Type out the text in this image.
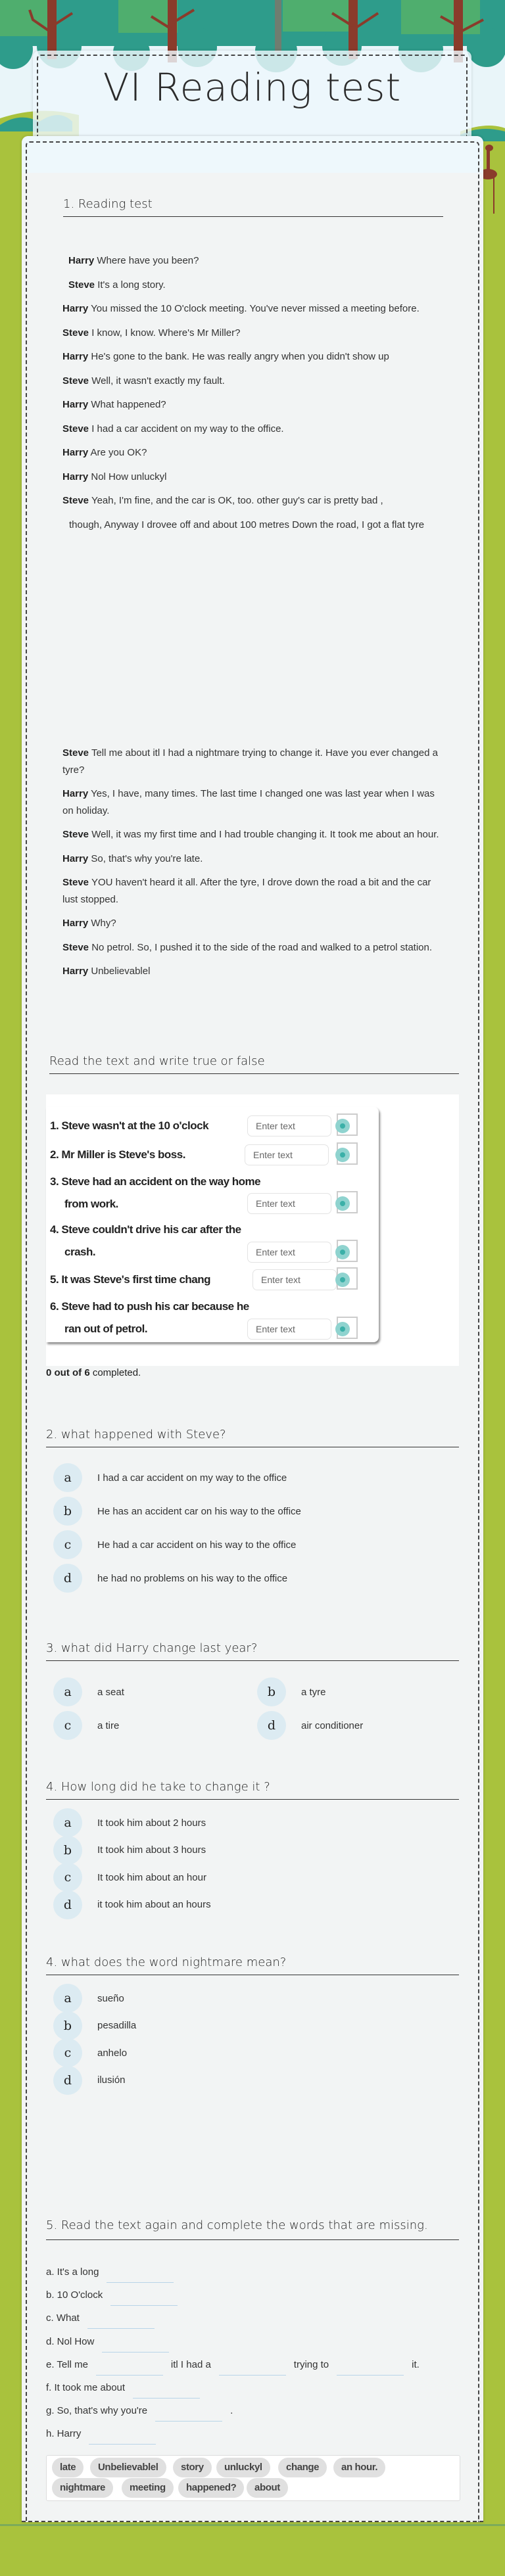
VI Reading test
1. Reading test

Harry Where have you been?

Steve It's a long story.

Harry You missed the 10 O'clock meeting. You've never missed a meeting before.

Steve I know, I know. Where's Mr Miller?

Harry He's gone to the bank. He was really angry when you didn't show up

Steve Well, it wasn't exactly my fault.

Harry What happened?

Steve I had a car accident on my way to the office.

Harry Are you OK?

Harry Nol How unluckyl

Steve Yeah, I'm fine, and the car is OK, too. other guy's car is pretty bad ,

though, Anyway I drovee off and about 100 metres Down the road, I got a flat tyre

Steve Tell me about itl I had a nightmare trying to change it. Have you ever changed a tyre?

Harry Yes, I have, many times. The last time I changed one was last year when I was on holiday.

Steve Well, it was my first time and I had trouble changing it. It took me about an hour.

Harry So, that's why you're late.

Steve YOU haven't heard it all. After the tyre, I drove down the road a bit and the car lust stopped.

Harry Why?

Steve No petrol. So, I pushed it to the side of the road and walked to a petrol station.

Harry Unbelievablel

Read the text and write true or false
1. Steve wasn't at the 10 o'clock	Enter text
2. Mr Miller is Steve's boss.	Enter text
3. Steve had an accident on the way home
from work.	Enter text
4. Steve couldn't drive his car after the
crash.	Enter text
5. It was Steve's first time chang	Enter text
6. Steve had to push his car because he
ran out of petrol.	Enter text
0 out of 6 completed.
2. what happened with Steve?
a	I had a car accident on my way to the office
b	He has an accident car on his way to the office
c	He had a car accident on his way to the office
d	he had no problems on his way to the office
3. what did Harry change last year?
a	a seat	b	a tyre
c	a tire	d	air conditioner
4. How long did he take to change it ?
a	It took him about 2 hours
b	It took him about 3 hours
c	It took him about an hour
d	it took him about an hours
4. what does the word nightmare mean?
a	sueño
b	pesadilla
c	anhelo
d	ilusión
5. Read the text again and complete the words that are missing.
a. It's a long
b. 10 O'clock
c. What
d. Nol How
e. Tell me	itl I had a	trying to	it.
f. It took me about
g. So, that's why you're	.
h. Harry
late	Unbelievablel	story	unluckyl	change	an hour.
nightmare	meeting	happened?	about
